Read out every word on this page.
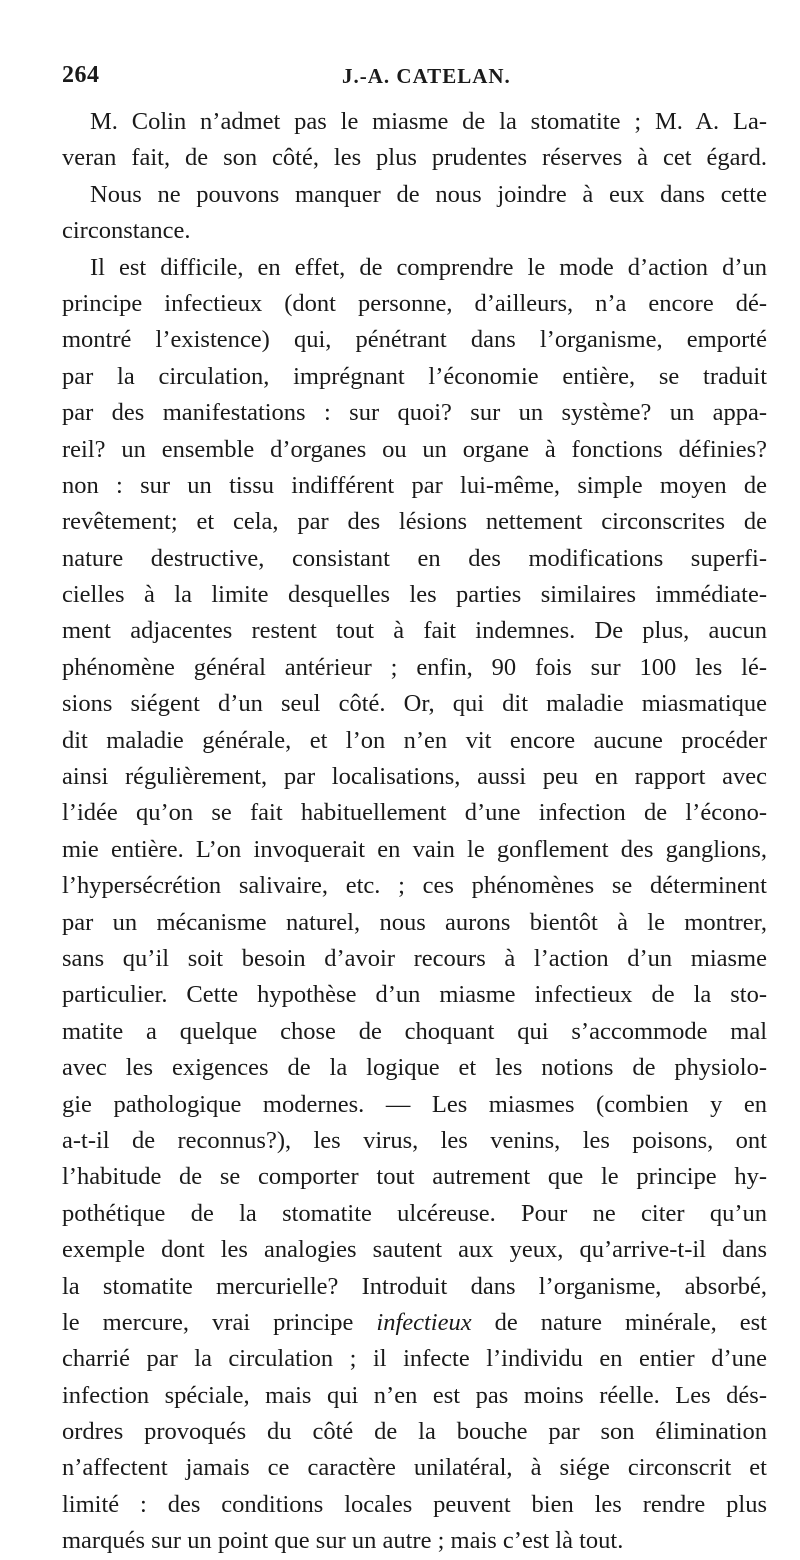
264	J.-A. CATELAN.
M. Colin n’admet pas le miasme de la stomatite ; M. A. La-
veran fait, de son côté, les plus prudentes réserves à cet égard.
Nous ne pouvons manquer de nous joindre à eux dans cette
circonstance.
Il est difficile, en effet, de comprendre le mode d’action d’un
principe infectieux (dont personne, d’ailleurs, n’a encore dé-
montré l’existence) qui, pénétrant dans l’organisme, emporté
par la circulation, imprégnant l’économie entière, se traduit
par des manifestations : sur quoi? sur un système? un appa-
reil? un ensemble d’organes ou un organe à fonctions définies?
non : sur un tissu indifférent par lui-même, simple moyen de
revêtement; et cela, par des lésions nettement circonscrites de
nature destructive, consistant en des modifications superfi-
cielles à la limite desquelles les parties similaires immédiate-
ment adjacentes restent tout à fait indemnes. De plus, aucun
phénomène général antérieur ; enfin, 90 fois sur 100 les lé-
sions siégent d’un seul côté. Or, qui dit maladie miasmatique
dit maladie générale, et l’on n’en vit encore aucune procéder
ainsi régulièrement, par localisations, aussi peu en rapport avec
l’idée qu’on se fait habituellement d’une infection de l’écono-
mie entière. L’on invoquerait en vain le gonflement des ganglions,
l’hypersécrétion salivaire, etc. ; ces phénomènes se déterminent
par un mécanisme naturel, nous aurons bientôt à le montrer,
sans qu’il soit besoin d’avoir recours à l’action d’un miasme
particulier. Cette hypothèse d’un miasme infectieux de la sto-
matite a quelque chose de choquant qui s’accommode mal
avec les exigences de la logique et les notions de physiolo-
gie pathologique modernes. — Les miasmes (combien y en
a-t-il de reconnus?), les virus, les venins, les poisons, ont
l’habitude de se comporter tout autrement que le principe hy-
pothétique de la stomatite ulcéreuse. Pour ne citer qu’un
exemple dont les analogies sautent aux yeux, qu’arrive-t-il dans
la stomatite mercurielle? Introduit dans l’organisme, absorbé,
le mercure, vrai principe infectieux de nature minérale, est
charrié par la circulation ; il infecte l’individu en entier d’une
infection spéciale, mais qui n’en est pas moins réelle. Les dés-
ordres provoqués du côté de la bouche par son élimination
n’affectent jamais ce caractère unilatéral, à siége circonscrit et
limité : des conditions locales peuvent bien les rendre plus
marqués sur un point que sur un autre ; mais c’est là tout.
